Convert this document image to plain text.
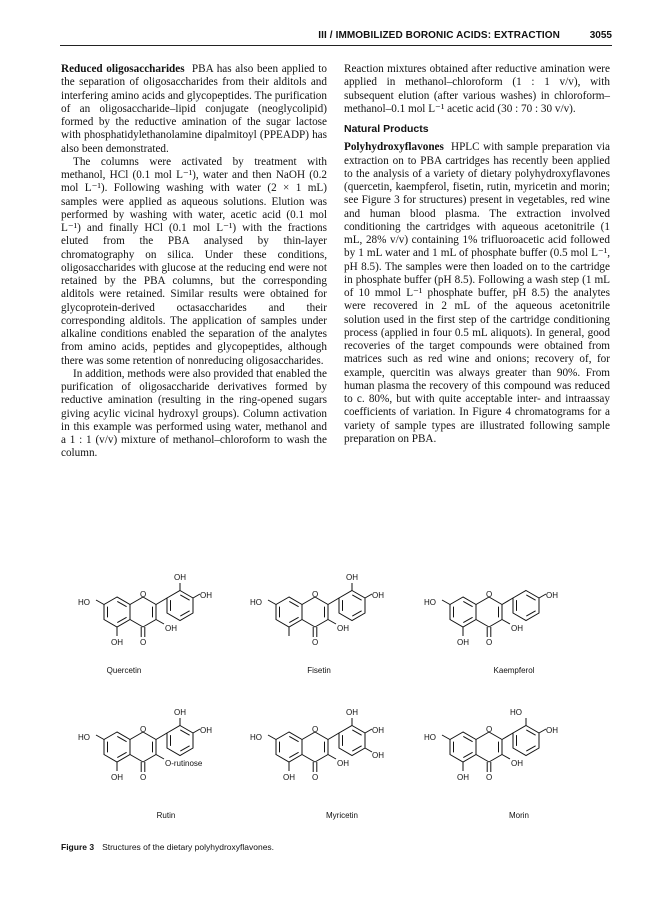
III / IMMOBILIZED BORONIC ACIDS: EXTRACTION	3055

Reduced oligosaccharides PBA has also been applied to the separation of oligosaccharides from their alditols and interfering amino acids and glycopeptides. The purification of an oligosaccharide–lipid conjugate (neoglycolipid) formed by the reductive amination of the sugar lactose with phosphatidylethanolamine dipalmitoyl (PPEADP) has also been demonstrated.

The columns were activated by treatment with methanol, HCl (0.1 mol L⁻¹), water and then NaOH (0.2 mol L⁻¹). Following washing with water (2 × 1 mL) samples were applied as aqueous solutions. Elution was performed by washing with water, acetic acid (0.1 mol L⁻¹) and finally HCl (0.1 mol L⁻¹) with the fractions eluted from the PBA analysed by thin-layer chromatography on silica. Under these conditions, oligosaccharides with glucose at the reducing end were not retained by the PBA columns, but the corresponding alditols were retained. Similar results were obtained for glycoprotein-derived octasaccharides and their corresponding alditols. The application of samples under alkaline conditions enabled the separation of the analytes from amino acids, peptides and glycopeptides, although there was some retention of nonreducing oligosaccharides.

In addition, methods were also provided that enabled the purification of oligosaccharide derivatives formed by reductive amination (resulting in the ring-opened sugars giving acylic vicinal hydroxyl groups). Column activation in this example was performed using water, methanol and a 1 : 1 (v/v) mixture of methanol–chloroform to wash the column.

Reaction mixtures obtained after reductive amination were applied in methanol–chloroform (1 : 1 v/v), with subsequent elution (after various washes) in chloroform–methanol–0.1 mol L⁻¹ acetic acid (30 : 70 : 30 v/v).

Natural Products

Polyhydroxyflavones HPLC with sample preparation via extraction on to PBA cartridges has recently been applied to the analysis of a variety of dietary polyhydroxyflavones (quercetin, kaempferol, fisetin, rutin, myricetin and morin; see Figure 3 for structures) present in vegetables, red wine and human blood plasma. The extraction involved conditioning the cartridges with aqueous acetonitrile (1 mL, 28% v/v) containing 1% trifluoroacetic acid followed by 1 mL water and 1 mL of phosphate buffer (0.5 mol L⁻¹, pH 8.5). The samples were then loaded on to the cartridge in phosphate buffer (pH 8.5). Following a wash step (1 mL of 10 mmol L⁻¹ phosphate buffer, pH 8.5) the analytes were recovered in 2 mL of the aqueous acetonitrile solution used in the first step of the cartridge conditioning process (applied in four 0.5 mL aliquots). In general, good recoveries of the target compounds were obtained from matrices such as red wine and onions; recovery of, for example, quercitin was always greater than 90%. From human plasma the recovery of this compound was reduced to c. 80%, but with quite acceptable inter- and intraassay coefficients of variation. In Figure 4 chromatograms for a variety of sample types are illustrated following sample preparation on PBA.

OH
OH
HO
O
OH
OH O
Quercetin
OH
OH
HO
O
OH
O
Fisetin
OH
HO
O
OH
OH O
Kaempferol
OH
OH
HO
O
O-rutinose
OH O
Rutin
OH
OH
OH
HO
O
OH
OH O
Myricetin
HO
OH
HO
O
OH
OH O
Morin
Figure 3 Structures of the dietary polyhydroxyflavones.
